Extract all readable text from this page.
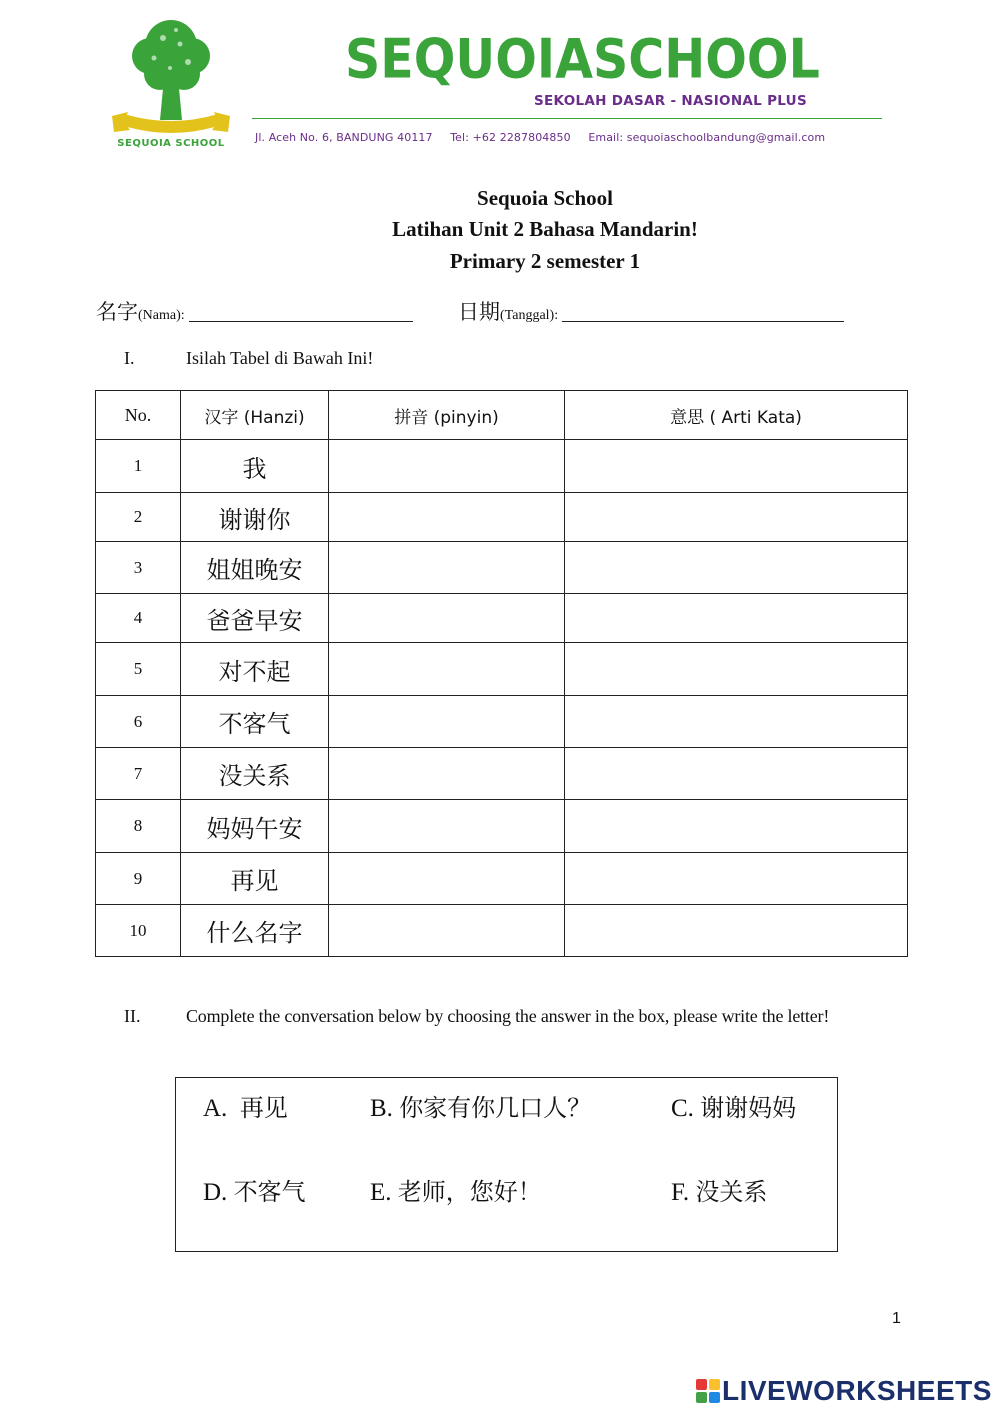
SEQUOIA SCHOOL
SEQUOIASCHOOL
SEKOLAH DASAR - NASIONAL PLUS
Jl. Aceh No. 6, BANDUNG 40117 Tel: +62 2287804850 Email: sequoiaschoolbandung@gmail.com
Sequoia School
Latihan Unit 2 Bahasa Mandarin!
Primary 2 semester 1
名字(Nama):	日期(Tanggal):
I.	Isilah Tabel di Bawah Ini!
No.	汉字 (Hanzi)	拼音 (pinyin)	意思 ( Arti Kata)
1	我		
2	谢谢你		
3	姐姐晚安		
4	爸爸早安		
5	对不起		
6	不客气		
7	没关系		
8	妈妈午安		
9	再见		
10	什么名字		
II.	Complete the conversation below by choosing the answer in the box, please write the letter!
A. 再见	B. 你家有你几口人？	C. 谢谢妈妈
D. 不客气	E. 老师，您好！	F. 没关系
1
LIVEWORKSHEETS
